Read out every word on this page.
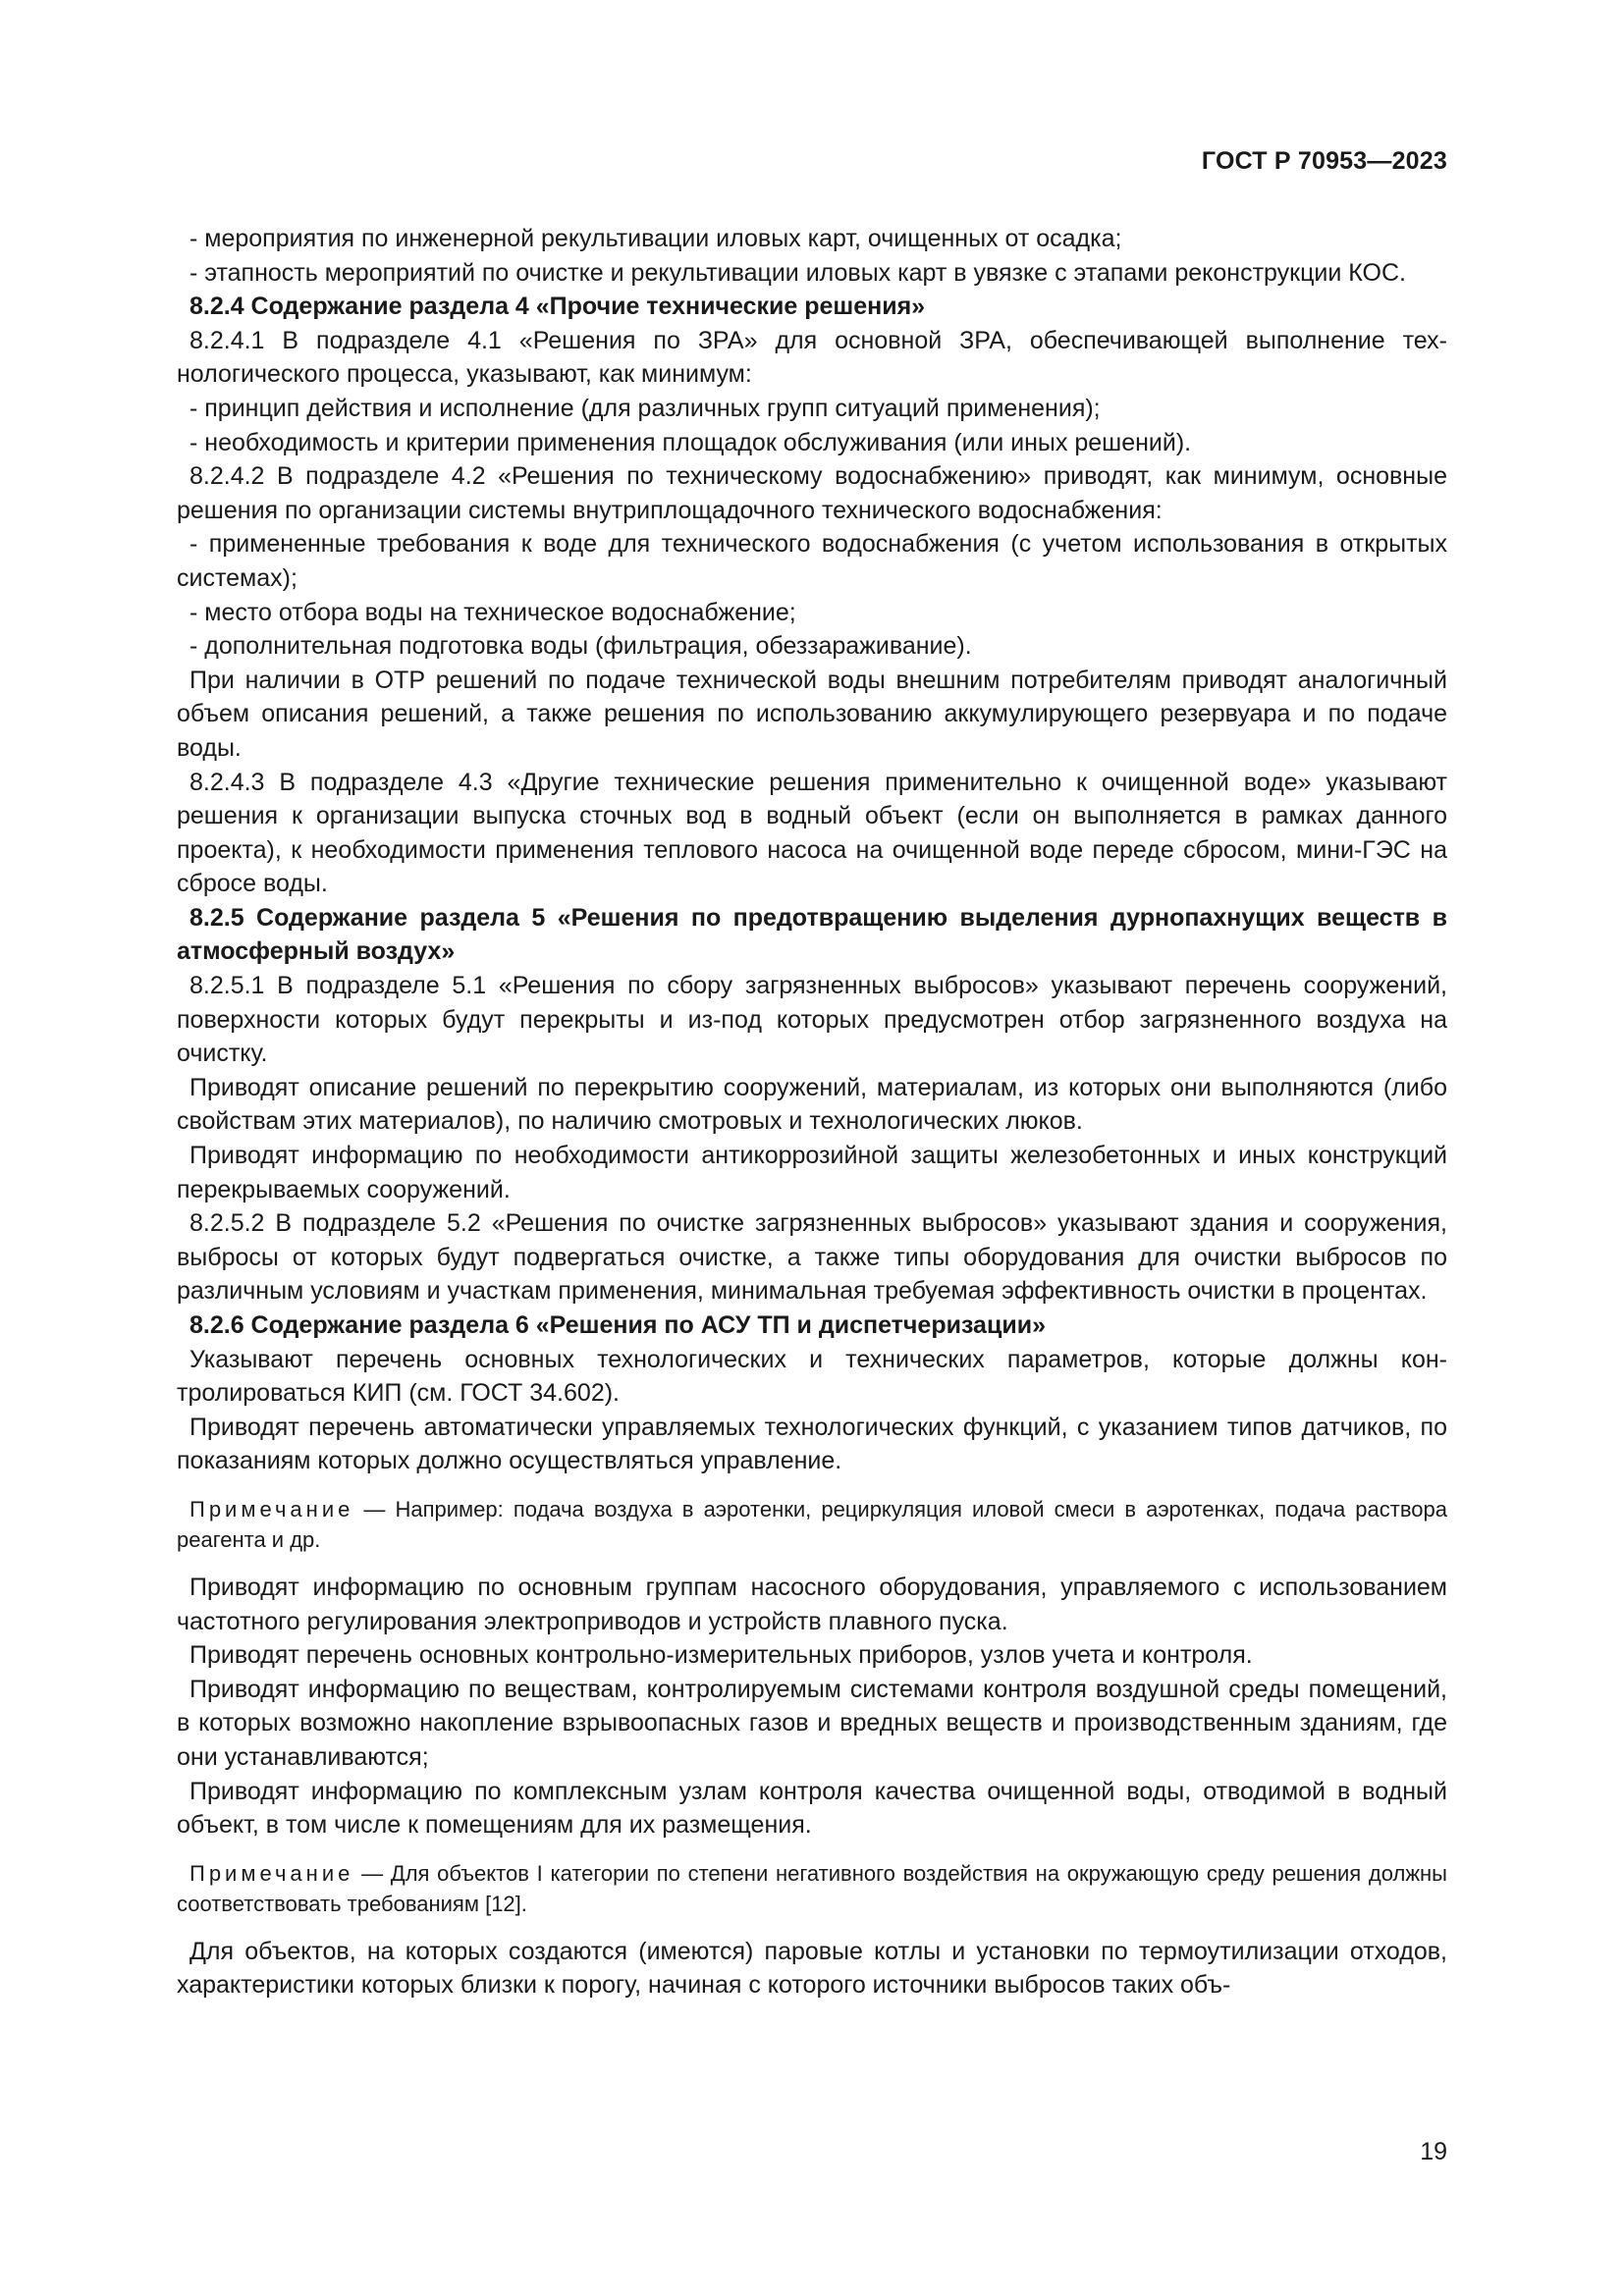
ГОСТ Р 70953—2023

- мероприятия по инженерной рекультивации иловых карт, очищенных от осадка;

- этапность мероприятий по очистке и рекультивации иловых карт в увязке с этапами реконструкции КОС.

8.2.4 Содержание раздела 4 «Прочие технические решения»

8.2.4.1 В подразделе 4.1 «Решения по ЗРА» для основной ЗРА, обеспечивающей выполнение технологического процесса, указывают, как минимум:

- принцип действия и исполнение (для различных групп ситуаций применения);

- необходимость и критерии применения площадок обслуживания (или иных решений).

8.2.4.2 В подразделе 4.2 «Решения по техническому водоснабжению» приводят, как минимум, основные решения по организации системы внутриплощадочного технического водоснабжения:

- примененные требования к воде для технического водоснабжения (с учетом использования в открытых системах);

- место отбора воды на техническое водоснабжение;

- дополнительная подготовка воды (фильтрация, обеззараживание).

При наличии в ОТР решений по подаче технической воды внешним потребителям приводят аналогичный объем описания решений, а также решения по использованию аккумулирующего резервуара и по подаче воды.

8.2.4.3 В подразделе 4.3 «Другие технические решения применительно к очищенной воде» указывают решения к организации выпуска сточных вод в водный объект (если он выполняется в рамках данного проекта), к необходимости применения теплового насоса на очищенной воде переде сбросом, мини-ГЭС на сбросе воды.

8.2.5 Содержание раздела 5 «Решения по предотвращению выделения дурнопахнущих веществ в атмосферный воздух»

8.2.5.1 В подразделе 5.1 «Решения по сбору загрязненных выбросов» указывают перечень сооружений, поверхности которых будут перекрыты и из-под которых предусмотрен отбор загрязненного воздуха на очистку.

Приводят описание решений по перекрытию сооружений, материалам, из которых они выполняются (либо свойствам этих материалов), по наличию смотровых и технологических люков.

Приводят информацию по необходимости антикоррозийной защиты железобетонных и иных конструкций перекрываемых сооружений.

8.2.5.2 В подразделе 5.2 «Решения по очистке загрязненных выбросов» указывают здания и сооружения, выбросы от которых будут подвергаться очистке, а также типы оборудования для очистки выбросов по различным условиям и участкам применения, минимальная требуемая эффективность очистки в процентах.

8.2.6 Содержание раздела 6 «Решения по АСУ ТП и диспетчеризации»

Указывают перечень основных технологических и технических параметров, которые должны контролироваться КИП (см. ГОСТ 34.602).

Приводят перечень автоматически управляемых технологических функций, с указанием типов датчиков, по показаниям которых должно осуществляться управление.

Примечание — Например: подача воздуха в аэротенки, рециркуляция иловой смеси в аэротенках, подача раствора реагента и др.

Приводят информацию по основным группам насосного оборудования, управляемого с использованием частотного регулирования электроприводов и устройств плавного пуска.

Приводят перечень основных контрольно-измерительных приборов, узлов учета и контроля.

Приводят информацию по веществам, контролируемым системами контроля воздушной среды помещений, в которых возможно накопление взрывоопасных газов и вредных веществ и производственным зданиям, где они устанавливаются;

Приводят информацию по комплексным узлам контроля качества очищенной воды, отводимой в водный объект, в том числе к помещениям для их размещения.

Примечание — Для объектов I категории по степени негативного воздействия на окружающую среду решения должны соответствовать требованиям [12].

Для объектов, на которых создаются (имеются) паровые котлы и установки по термоутилизации отходов, характеристики которых близки к порогу, начиная с которого источники выбросов таких объ-

19
